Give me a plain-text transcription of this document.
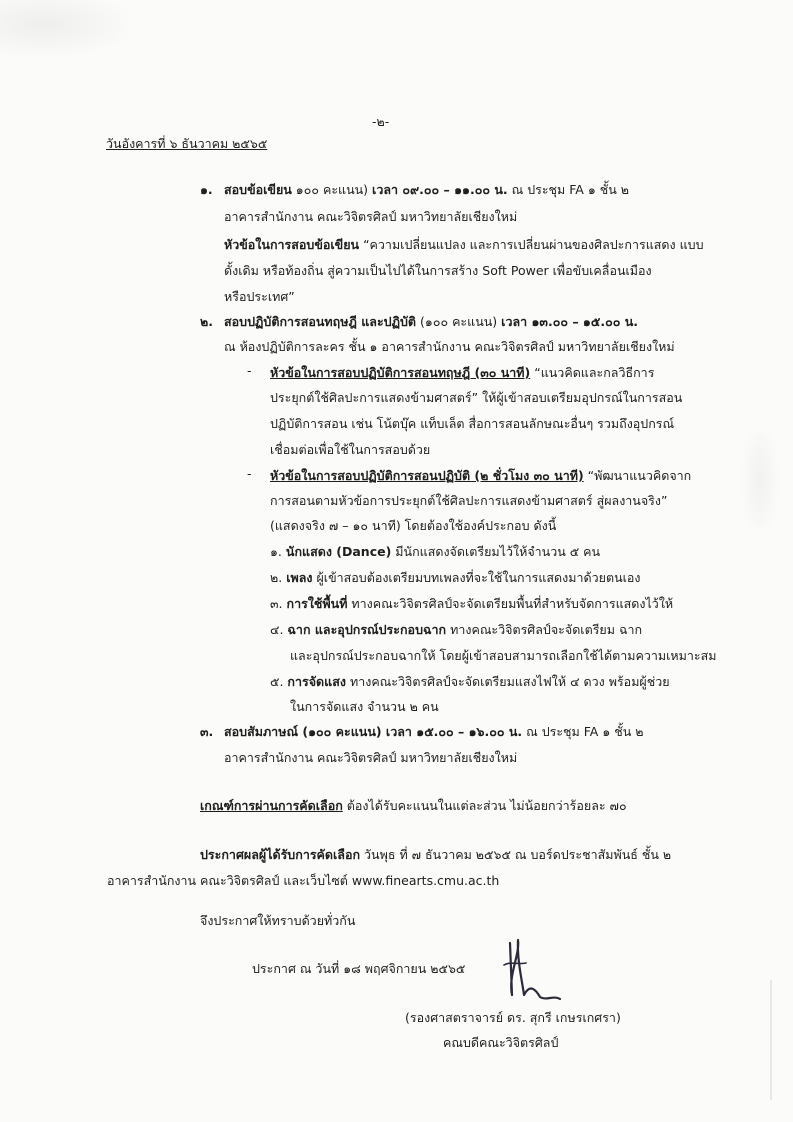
-๒-
วันอังคารที่ ๖ ธันวาคม ๒๕๖๕
๑. สอบข้อเขียน ๑๐๐ คะแนน) เวลา ๐๙.๐๐ – ๑๑.๐๐ น. ณ ประชุม FA ๑ ชั้น ๒
อาคารสำนักงาน คณะวิจิตรศิลป์ มหาวิทยาลัยเชียงใหม่
หัวข้อในการสอบข้อเขียน “ความเปลี่ยนแปลง และการเปลี่ยนผ่านของศิลปะการแสดง แบบ
ดั้งเดิม หรือท้องถิ่น สู่ความเป็นไปได้ในการสร้าง Soft Power เพื่อขับเคลื่อนเมือง
หรือประเทศ”
๒. สอบปฏิบัติการสอนทฤษฎี และปฏิบัติ (๑๐๐ คะแนน) เวลา ๑๓.๐๐ – ๑๕.๐๐ น.
ณ ห้องปฏิบัติการละคร ชั้น ๑ อาคารสำนักงาน คณะวิจิตรศิลป์ มหาวิทยาลัยเชียงใหม่
- หัวข้อในการสอบปฏิบัติการสอนทฤษฎี (๓๐ นาที) “แนวคิดและกลวิธีการ
ประยุกต์ใช้ศิลปะการแสดงข้ามศาสตร์” ให้ผู้เข้าสอบเตรียมอุปกรณ์ในการสอน
ปฏิบัติการสอน เช่น โน้ตบุ๊ค แท็บเล็ต สื่อการสอนลักษณะอื่นๆ รวมถึงอุปกรณ์
เชื่อมต่อเพื่อใช้ในการสอบด้วย
- หัวข้อในการสอบปฏิบัติการสอนปฏิบัติ (๒ ชั่วโมง ๓๐ นาที) “พัฒนาแนวคิดจาก
การสอนตามหัวข้อการประยุกต์ใช้ศิลปะการแสดงข้ามศาสตร์ สู่ผลงานจริง”
(แสดงจริง ๗ – ๑๐ นาที) โดยต้องใช้องค์ประกอบ ดังนี้
๑. นักแสดง (Dance) มีนักแสดงจัดเตรียมไว้ให้จำนวน ๕ คน
๒. เพลง ผู้เข้าสอบต้องเตรียมบทเพลงที่จะใช้ในการแสดงมาด้วยตนเอง
๓. การใช้พื้นที่ ทางคณะวิจิตรศิลป์จะจัดเตรียมพื้นที่สำหรับจัดการแสดงไว้ให้
๔. ฉาก และอุปกรณ์ประกอบฉาก ทางคณะวิจิตรศิลป์จะจัดเตรียม ฉาก
และอุปกรณ์ประกอบฉากให้ โดยผู้เข้าสอบสามารถเลือกใช้ได้ตามความเหมาะสม
๕. การจัดแสง ทางคณะวิจิตรศิลป์จะจัดเตรียมแสงไฟให้ ๔ ดวง พร้อมผู้ช่วย
ในการจัดแสง จำนวน ๒ คน
๓. สอบสัมภาษณ์ (๑๐๐ คะแนน) เวลา ๑๕.๐๐ – ๑๖.๐๐ น. ณ ประชุม FA ๑ ชั้น ๒
อาคารสำนักงาน คณะวิจิตรศิลป์ มหาวิทยาลัยเชียงใหม่
เกณฑ์การผ่านการคัดเลือก ต้องได้รับคะแนนในแต่ละส่วน ไม่น้อยกว่าร้อยละ ๗๐
ประกาศผลผู้ได้รับการคัดเลือก วันพุธ ที่ ๗ ธันวาคม ๒๕๖๕ ณ บอร์ดประชาสัมพันธ์ ชั้น ๒
อาคารสำนักงาน คณะวิจิตรศิลป์ และเว็บไซต์ www.finearts.cmu.ac.th
จึงประกาศให้ทราบด้วยทั่วกัน
ประกาศ ณ วันที่ ๑๘ พฤศจิกายน ๒๕๖๕
(รองศาสตราจารย์ ดร. สุกรี เกษรเกศรา)
คณบดีคณะวิจิตรศิลป์
